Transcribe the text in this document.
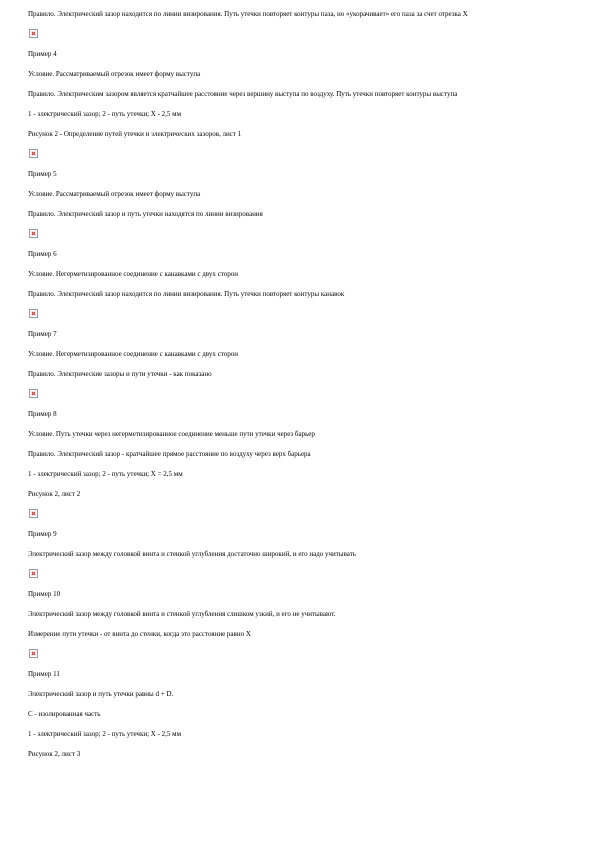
Правило. Электрический зазор находится по линии визирования. Путь утечки повторяет контуры паза, но «укорачивает» его паза за счет отрезка X

Пример 4

Условие. Рассматриваемый отрезок имеет форму выступа

Правило. Электрическим зазором является кратчайшее расстояние через вершину выступа по воздуху. Путь утечки повторяет контуры выступа

1 - электрический зазор; 2 - путь утечки; X - 2,5 мм

Рисунок 2 - Определение путей утечки и электрических зазоров, лист 1

Пример 5

Условие. Рассматриваемый отрезок имеет форму выступа

Правило. Электрический зазор и путь утечки находятся по линии визирования

Пример 6

Условие. Негерметизированное соединение с канавками с двух сторон

Правило. Электрический зазор находится по линии визирования. Путь утечки повторяет контуры канавок

Пример 7

Условие. Негерметизированное соединение с канавками с двух сторон

Правило. Электрические зазоры и пути утечки - как показано

Пример 8

Условие. Путь утечки через негерметизированное соединение меньше пути утечки через барьер

Правило. Электрический зазор - кратчайшее прямое расстояние по воздуху через верх барьера

1 - электрический зазор; 2 - путь утечки; X = 2,5 мм

Рисунок 2, лист 2

Пример 9

Электрический зазор между головкой винта и стенкой углубления достаточно широкий, и его надо учитывать

Пример 10

Электрический зазор между головкой винта и стенкой углубления слишком узкий, и его не учитывают.

Измерение пути утечки - от винта до стенки, когда это расстояние равно X

Пример 11

Электрический зазор и путь утечки равны d + D.

C - изолированная часть

1 - электрический зазор; 2 - путь утечки; X - 2,5 мм

Рисунок 2, лист 3
